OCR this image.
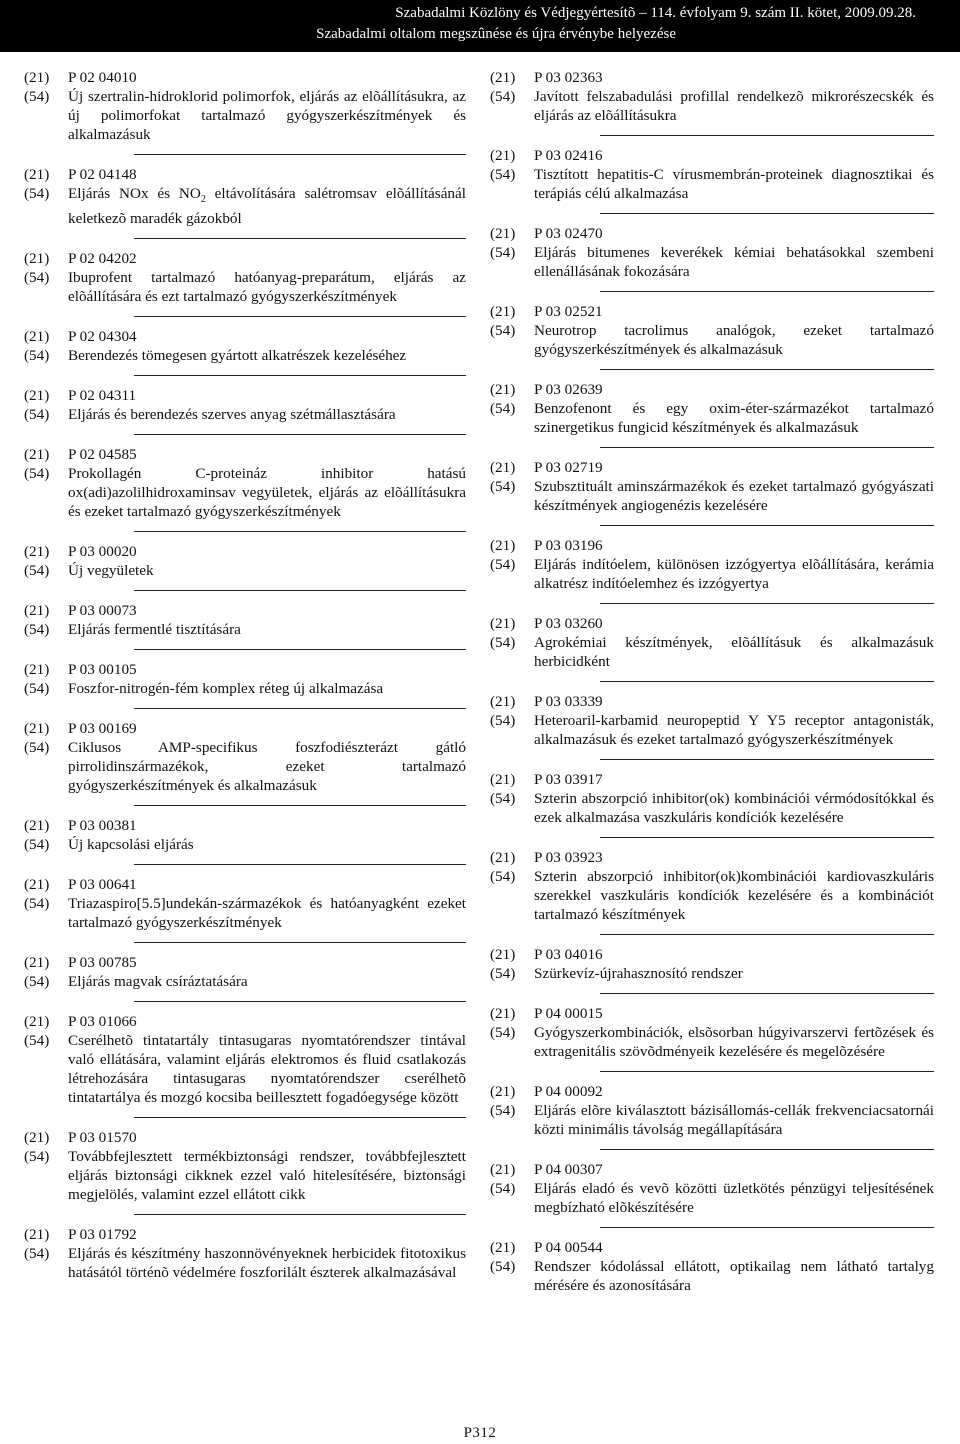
Szabadalmi Közlöny és Védjegyértesítõ – 114. évfolyam 9. szám II. kötet, 2009.09.28.
Szabadalmi oltalom megszûnése és újra érvénybe helyezése
(21)	P 02 04010
(54)	Új szertralin-hidroklorid polimorfok, eljárás az elõállításukra, az új polimorfokat tartalmazó gyógyszerkészítmények és alkalmazásuk
(21)	P 02 04148
(54)	Eljárás NOx és $NO_2$ eltávolítására salétromsav elõállításánál keletkezõ maradék gázokból
(21)	P 02 04202
(54)	Ibuprofent tartalmazó hatóanyag-preparátum, eljárás az elõállítására és ezt tartalmazó gyógyszerkészítmények
(21)	P 02 04304
(54)	Berendezés tömegesen gyártott alkatrészek kezeléséhez
(21)	P 02 04311
(54)	Eljárás és berendezés szerves anyag szétmállasztására
(21)	P 02 04585
(54)	Prokollagén C-proteináz inhibitor hatású ox(adi)azolilhidroxaminsav vegyületek, eljárás az elõállításukra és ezeket tartalmazó gyógyszerkészítmények
(21)	P 03 00020
(54)	Új vegyületek
(21)	P 03 00073
(54)	Eljárás fermentlé tisztítására
(21)	P 03 00105
(54)	Foszfor-nitrogén-fém komplex réteg új alkalmazása
(21)	P 03 00169
(54)	Ciklusos AMP-specifikus foszfodiészterázt gátló pirrolidinszármazékok, ezeket tartalmazó gyógyszerkészítmények és alkalmazásuk
(21)	P 03 00381
(54)	Új kapcsolási eljárás
(21)	P 03 00641
(54)	Triazaspiro[5.5]undekán-származékok és hatóanyagként ezeket tartalmazó gyógyszerkészítmények
(21)	P 03 00785
(54)	Eljárás magvak csíráztatására
(21)	P 03 01066
(54)	Cserélhetõ tintatartály tintasugaras nyomtatórendszer tintával való ellátására, valamint eljárás elektromos és fluid csatlakozás létrehozására tintasugaras nyomtatórendszer cserélhetõ tintatartálya és mozgó kocsiba beillesztett fogadóegysége között
(21)	P 03 01570
(54)	Továbbfejlesztett termékbiztonsági rendszer, továbbfejlesztett eljárás biztonsági cikknek ezzel való hitelesítésére, biztonsági megjelölés, valamint ezzel ellátott cikk
(21)	P 03 01792
(54)	Eljárás és készítmény haszonnövényeknek herbicidek fitotoxikus hatásától történõ védelmére foszforilált észterek alkalmazásával
(21)	P 03 02363
(54)	Javított felszabadulási profillal rendelkezõ mikrorészecskék és eljárás az elõállításukra
(21)	P 03 02416
(54)	Tisztított hepatitis-C vírusmembrán-proteinek diagnosztikai és terápiás célú alkalmazása
(21)	P 03 02470
(54)	Eljárás bitumenes keverékek kémiai behatásokkal szembeni ellenállásának fokozására
(21)	P 03 02521
(54)	Neurotrop tacrolimus analógok, ezeket tartalmazó gyógyszerkészítmények és alkalmazásuk
(21)	P 03 02639
(54)	Benzofenont és egy oxim-éter-származékot tartalmazó szinergetikus fungicid készítmények és alkalmazásuk
(21)	P 03 02719
(54)	Szubsztituált aminszármazékok és ezeket tartalmazó gyógyászati készítmények angiogenézis kezelésére
(21)	P 03 03196
(54)	Eljárás indítóelem, különösen izzógyertya elõállítására, kerámia alkatrész indítóelemhez és izzógyertya
(21)	P 03 03260
(54)	Agrokémiai készítmények, elõállításuk és alkalmazásuk herbicidként
(21)	P 03 03339
(54)	Heteroaril-karbamid neuropeptid Y Y5 receptor antagonisták, alkalmazásuk és ezeket tartalmazó gyógyszerkészítmények
(21)	P 03 03917
(54)	Szterin abszorpció inhibitor(ok) kombinációi vérmódosítókkal és ezek alkalmazása vaszkuláris kondíciók kezelésére
(21)	P 03 03923
(54)	Szterin abszorpció inhibitor(ok)kombinációi kardiovaszkuláris szerekkel vaszkuláris kondíciók kezelésére és a kombinációt tartalmazó készítmények
(21)	P 03 04016
(54)	Szürkevíz-újrahasznosító rendszer
(21)	P 04 00015
(54)	Gyógyszerkombinációk, elsõsorban húgyivarszervi fertõzések és extragenitális szövõdményeik kezelésére és megelõzésére
(21)	P 04 00092
(54)	Eljárás elõre kiválasztott bázisállomás-cellák frekvenciacsatornái közti minimális távolság megállapítására
(21)	P 04 00307
(54)	Eljárás eladó és vevõ közötti üzletkötés pénzügyi teljesítésének megbízható elõkészítésére
(21)	P 04 00544
(54)	Rendszer kódolással ellátott, optikailag nem látható tartalyg mérésére és azonosítására
P312
